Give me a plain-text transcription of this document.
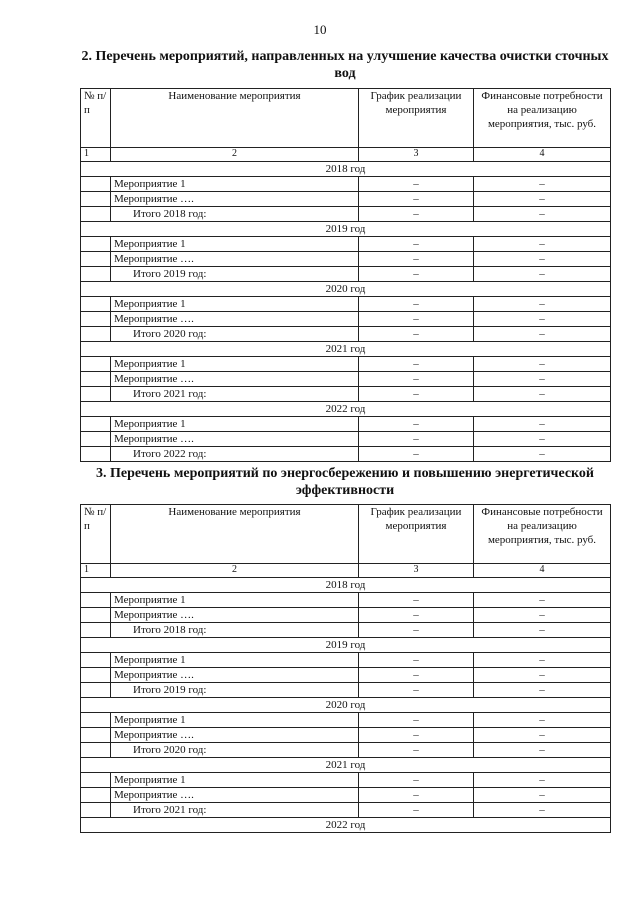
10
2. Перечень мероприятий, направленных на улучшение качества очистки сточных вод
№ п/п	Наименование мероприятия	График реализации мероприятия	Финансовые потребности на реализацию мероприятия, тыс. руб.
1	2	3	4
2018 год			
	Мероприятие 1	–	–
	Мероприятие ….	–	–
	Итого 2018 год:	–	–
2019 год			
	Мероприятие 1	–	–
	Мероприятие ….	–	–
	Итого 2019 год:	–	–
2020 год			
	Мероприятие 1	–	–
	Мероприятие ….	–	–
	Итого 2020 год:	–	–
2021 год			
	Мероприятие 1	–	–
	Мероприятие ….	–	–
	Итого 2021 год:	–	–
2022 год			
	Мероприятие 1	–	–
	Мероприятие ….	–	–
	Итого 2022 год:	–	–
3. Перечень мероприятий по энергосбережению и повышению энергетической эффективности
№ п/п	Наименование мероприятия	График реализации мероприятия	Финансовые потребности на реализацию мероприятия, тыс. руб.
1	2	3	4
2018 год			
	Мероприятие 1	–	–
	Мероприятие ….	–	–
	Итого 2018 год:	–	–
2019 год			
	Мероприятие 1	–	–
	Мероприятие ….	–	–
	Итого 2019 год:	–	–
2020 год			
	Мероприятие 1	–	–
	Мероприятие ….	–	–
	Итого 2020 год:	–	–
2021 год			
	Мероприятие 1	–	–
	Мероприятие ….	–	–
	Итого 2021 год:	–	–
2022 год			
